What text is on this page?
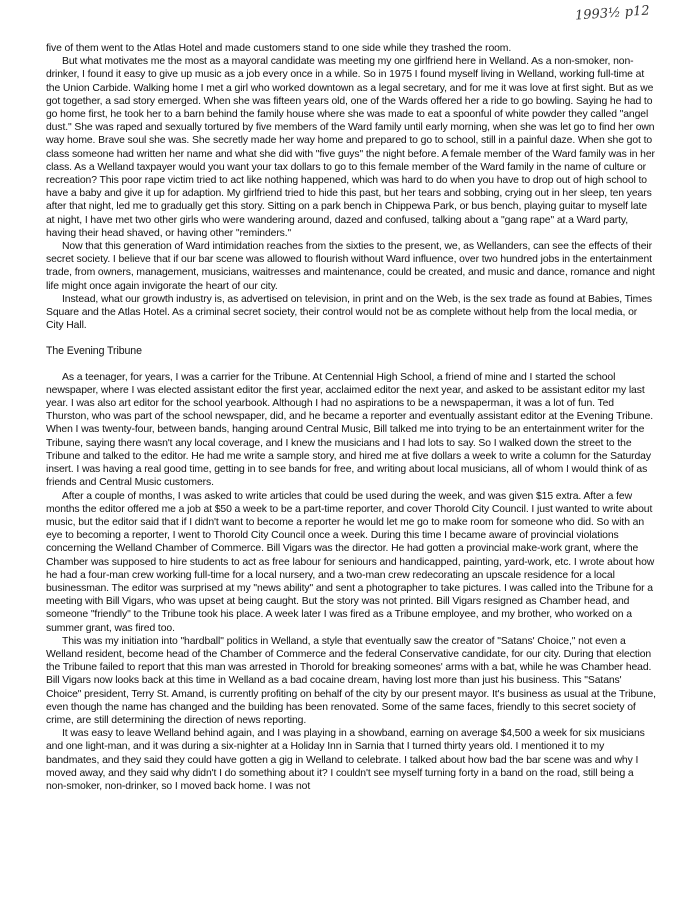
1993½ p12

five of them went to the Atlas Hotel and made customers stand to one side while they trashed the room.

But what motivates me the most as a mayoral candidate was meeting my one girlfriend here in Welland. As a non-smoker, non-drinker, I found it easy to give up music as a job every once in a while. So in 1975 I found myself living in Welland, working full-time at the Union Carbide. Walking home I met a girl who worked downtown as a legal secretary, and for me it was love at first sight. But as we got together, a sad story emerged. When she was fifteen years old, one of the Wards offered her a ride to go bowling. Saying he had to go home first, he took her to a barn behind the family house where she was made to eat a spoonful of white powder they called "angel dust." She was raped and sexually tortured by five members of the Ward family until early morning, when she was let go to find her own way home. Brave soul she was. She secretly made her way home and prepared to go to school, still in a painful daze. When she got to class someone had written her name and what she did with "five guys" the night before. A female member of the Ward family was in her class. As a Welland taxpayer would you want your tax dollars to go to this female member of the Ward family in the name of culture or recreation? This poor rape victim tried to act like nothing happened, which was hard to do when you have to drop out of high school to have a baby and give it up for adaption. My girlfriend tried to hide this past, but her tears and sobbing, crying out in her sleep, ten years after that night, led me to gradually get this story. Sitting on a park bench in Chippewa Park, or bus bench, playing guitar to myself late at night, I have met two other girls who were wandering around, dazed and confused, talking about a "gang rape" at a Ward party, having their head shaved, or having other "reminders."

Now that this generation of Ward intimidation reaches from the sixties to the present, we, as Wellanders, can see the effects of their secret society. I believe that if our bar scene was allowed to flourish without Ward influence, over two hundred jobs in the entertainment trade, from owners, management, musicians, waitresses and maintenance, could be created, and music and dance, romance and night life might once again invigorate the heart of our city.

Instead, what our growth industry is, as advertised on television, in print and on the Web, is the sex trade as found at Babies, Times Square and the Atlas Hotel. As a criminal secret society, their control would not be as complete without help from the local media, or City Hall.

The Evening Tribune

As a teenager, for years, I was a carrier for the Tribune. At Centennial High School, a friend of mine and I started the school newspaper, where I was elected assistant editor the first year, acclaimed editor the next year, and asked to be assistant editor my last year. I was also art editor for the school yearbook. Although I had no aspirations to be a newspaperman, it was a lot of fun. Ted Thurston, who was part of the school newspaper, did, and he became a reporter and eventually assistant editor at the Evening Tribune. When I was twenty-four, between bands, hanging around Central Music, Bill talked me into trying to be an entertainment writer for the Tribune, saying there wasn't any local coverage, and I knew the musicians and I had lots to say. So I walked down the street to the Tribune and talked to the editor. He had me write a sample story, and hired me at five dollars a week to write a column for the Saturday insert. I was having a real good time, getting in to see bands for free, and writing about local musicians, all of whom I would think of as friends and Central Music customers.

After a couple of months, I was asked to write articles that could be used during the week, and was given $15 extra. After a few months the editor offered me a job at $50 a week to be a part-time reporter, and cover Thorold City Council. I just wanted to write about music, but the editor said that if I didn't want to become a reporter he would let me go to make room for someone who did. So with an eye to becoming a reporter, I went to Thorold City Council once a week. During this time I became aware of provincial violations concerning the Welland Chamber of Commerce. Bill Vigars was the director. He had gotten a provincial make-work grant, where the Chamber was supposed to hire students to act as free labour for seniours and handicapped, painting, yard-work, etc. I wrote about how he had a four-man crew working full-time for a local nursery, and a two-man crew redecorating an upscale residence for a local businessman. The editor was surprised at my "news ability" and sent a photographer to take pictures. I was called into the Tribune for a meeting with Bill Vigars, who was upset at being caught. But the story was not printed. Bill Vigars resigned as Chamber head, and someone "friendly" to the Tribune took his place. A week later I was fired as a Tribune employee, and my brother, who worked on a summer grant, was fired too.

This was my initiation into "hardball" politics in Welland, a style that eventually saw the creator of "Satans' Choice," not even a Welland resident, become head of the Chamber of Commerce and the federal Conservative candidate, for our city. During that election the Tribune failed to report that this man was arrested in Thorold for breaking someones' arms with a bat, while he was Chamber head. Bill Vigars now looks back at this time in Welland as a bad cocaine dream, having lost more than just his business. This "Satans' Choice" president, Terry St. Amand, is currently profiting on behalf of the city by our present mayor. It's business as usual at the Tribune, even though the name has changed and the building has been renovated. Some of the same faces, friendly to this secret society of crime, are still determining the direction of news reporting.

It was easy to leave Welland behind again, and I was playing in a showband, earning on average $4,500 a week for six musicians and one light-man, and it was during a six-nighter at a Holiday Inn in Sarnia that I turned thirty years old. I mentioned it to my bandmates, and they said they could have gotten a gig in Welland to celebrate. I talked about how bad the bar scene was and why I moved away, and they said why didn't I do something about it? I couldn't see myself turning forty in a band on the road, still being a non-smoker, non-drinker, so I moved back home. I was not
